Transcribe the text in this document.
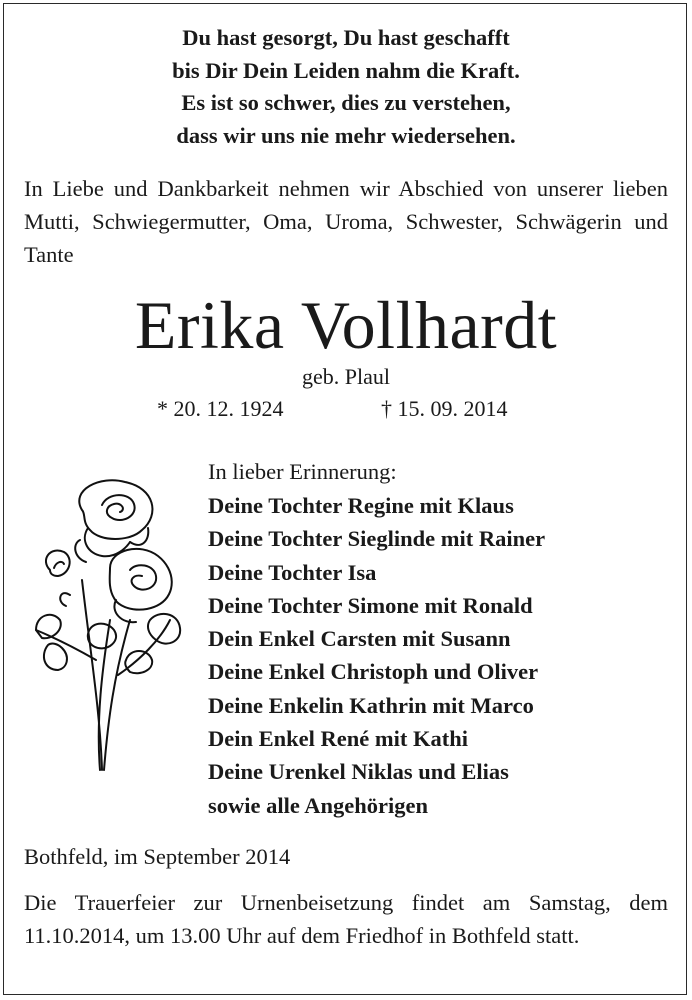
Du hast gesorgt, Du hast geschafft
bis Dir Dein Leiden nahm die Kraft.
Es ist so schwer, dies zu verstehen,
dass wir uns nie mehr wiedersehen.
In Liebe und Dankbarkeit nehmen wir Abschied von unserer lieben Mutti, Schwiegermutter, Oma, Uroma, Schwester, Schwägerin und Tante
Erika Vollhardt
geb. Plaul
* 20. 12. 1924	† 15. 09. 2014
In lieber Erinnerung:
Deine Tochter Regine mit Klaus
Deine Tochter Sieglinde mit Rainer
Deine Tochter Isa
Deine Tochter Simone mit Ronald
Dein Enkel Carsten mit Susann
Deine Enkel Christoph und Oliver
Deine Enkelin Kathrin mit Marco
Dein Enkel René mit Kathi
Deine Urenkel Niklas und Elias
sowie alle Angehörigen
Bothfeld, im September 2014
Die Trauerfeier zur Urnenbeisetzung findet am Samstag, dem 11.10.2014, um 13.00 Uhr auf dem Friedhof in Bothfeld statt.
